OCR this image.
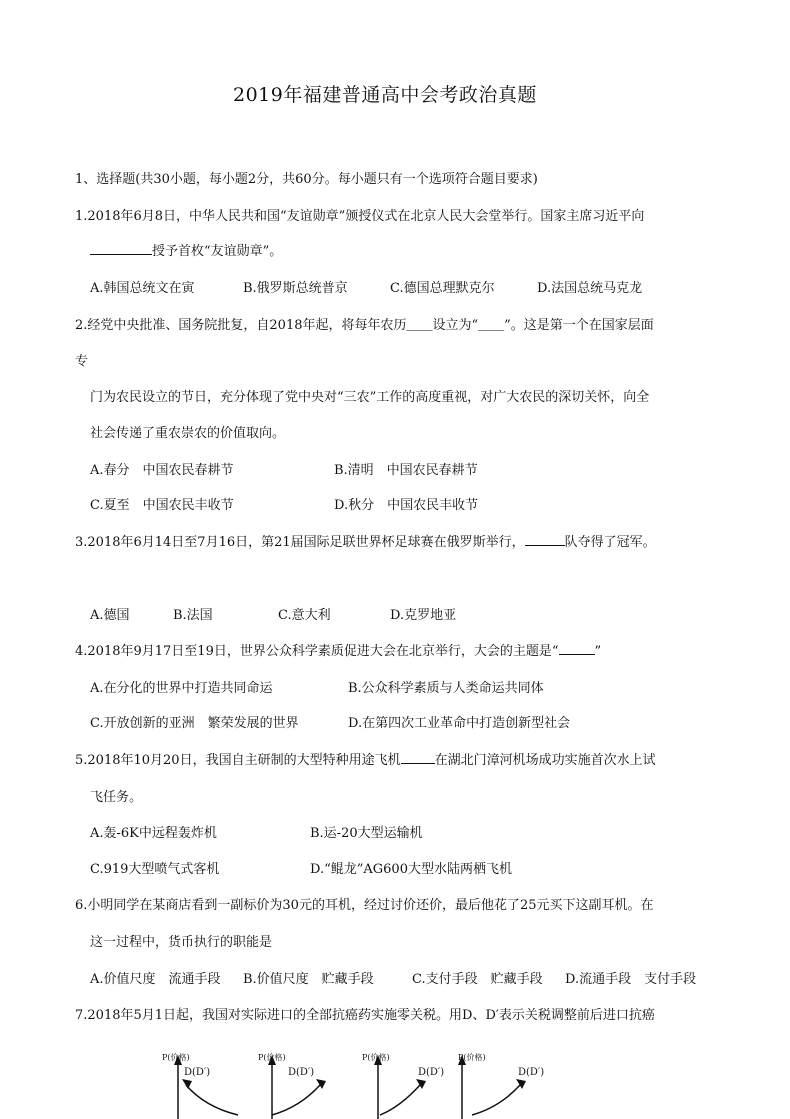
2019年福建普通高中会考政治真题
1、选择题(共30小题，每小题2分，共60分。每小题只有一个选项符合题目要求)
1.2018年6月8日，中华人民共和国“友谊勋章”颁授仪式在北京人民大会堂举行。国家主席习近平向
授予首枚“友谊勋章”。
A.韩国总统文在寅	B.俄罗斯总统普京	C.德国总理默克尔	D.法国总统马克龙
2.经党中央批准、国务院批复，自2018年起，将每年农历＿＿设立为“＿＿”。这是第一个在国家层面
专
门为农民设立的节日，充分体现了党中央对“三农”工作的高度重视，对广大农民的深切关怀，向全
社会传递了重农崇农的价值取向。
A.春分　中国农民春耕节	B.清明　中国农民春耕节
C.夏至　中国农民丰收节	D.秋分　中国农民丰收节
3.2018年6月14日至7月16日，第21届国际足联世界杯足球赛在俄罗斯举行，	队夺得了冠军。
A.德国	B.法国	C.意大利	D.克罗地亚
4.2018年9月17日至19日，世界公众科学素质促进大会在北京举行，大会的主题是“	”
A.在分化的世界中打造共同命运	B.公众科学素质与人类命运共同体
C.开放创新的亚洲　繁荣发展的世界	D.在第四次工业革命中打造创新型社会
5.2018年10月20日，我国自主研制的大型特种用途飞机	在湖北门漳河机场成功实施首次水上试
飞任务。
A.轰-6K中远程轰炸机	B.运-20大型运输机
C.919大型喷气式客机	D.“鲲龙”AG600大型水陆两栖飞机
6.小明同学在某商店看到一副标价为30元的耳机，经过讨价还价，最后他花了25元买下这副耳机。在
这一过程中，货币执行的职能是
A.价值尺度　流通手段 B.价值尺度　贮藏手段	C.支付手段　贮藏手段 D.流通手段　支付手段
7.2018年5月1日起，我国对实际进口的全部抗癌药实施零关税。用D、D′表示关税调整前后进口抗癌
P(价格)
D(D′)
P(价格)
D(D′)
P(价格)
D(D′)
P(价格)
D(D′)
